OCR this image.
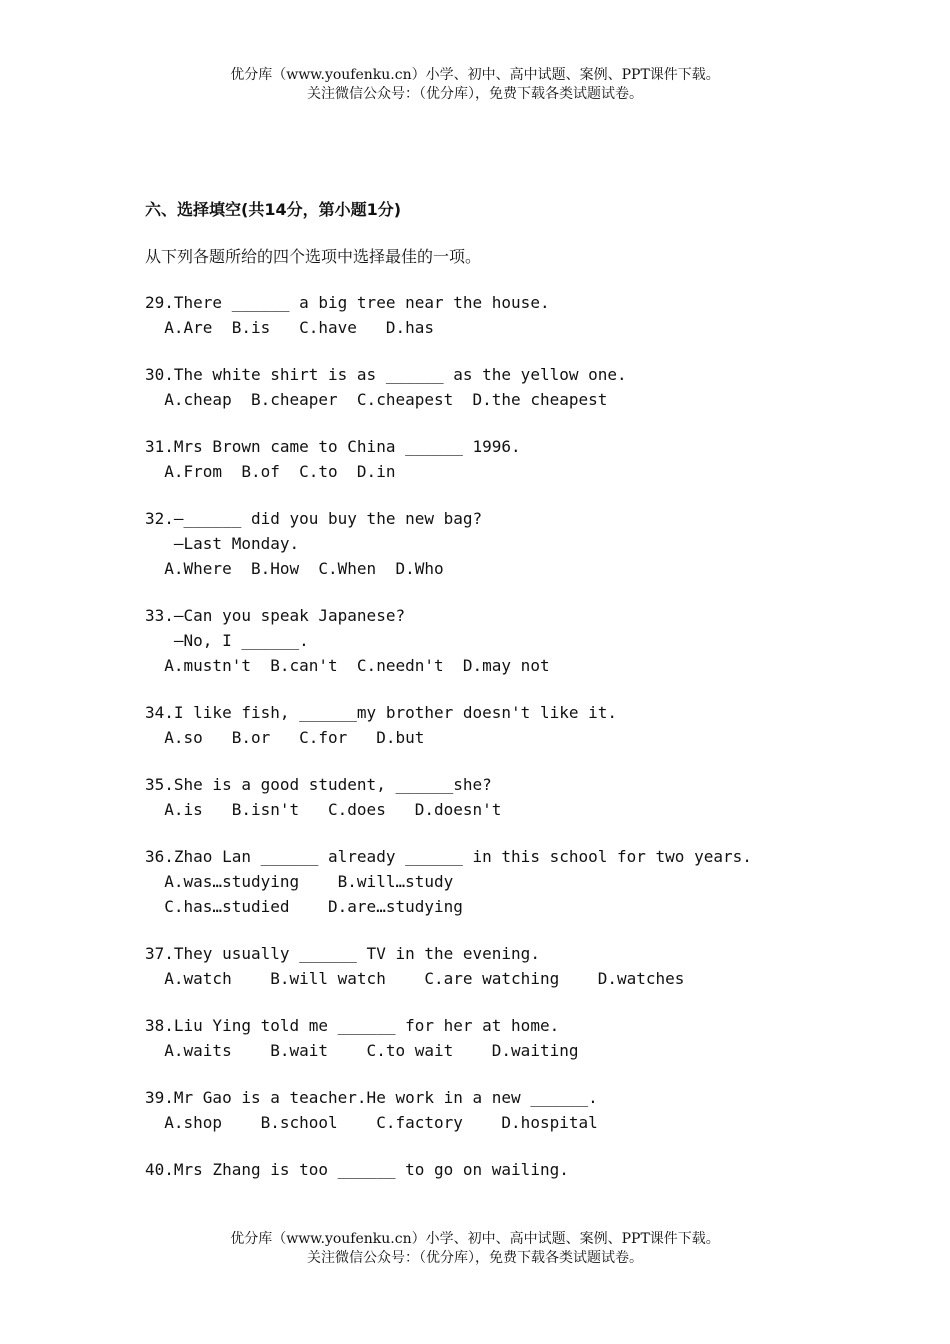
优分库（www.youfenku.cn）小学、初中、高中试题、案例、PPT课件下载。
关注微信公众号：（优分库），免费下载各类试题试卷。
六、选择填空(共14分，第小题1分)
从下列各题所给的四个选项中选择最佳的一项。
29.There ______ a big tree near the house.
A.Are  B.is   C.have   D.has
30.The white shirt is as ______ as the yellow one.
A.cheap  B.cheaper  C.cheapest  D.the cheapest
31.Mrs Brown came to China ______ 1996.
A.From  B.of  C.to  D.in
32.—______ did you buy the new bag?
—Last Monday.
A.Where  B.How  C.When  D.Who
33.—Can you speak Japanese?
—No, I ______.
A.mustn't  B.can't  C.needn't  D.may not
34.I like fish, ______my brother doesn't like it.
A.so   B.or   C.for   D.but
35.She is a good student, ______she?
A.is   B.isn't   C.does   D.doesn't
36.Zhao Lan ______ already ______ in this school for two years.
A.was…studying    B.will…study
C.has…studied    D.are…studying
37.They usually ______ TV in the evening.
A.watch    B.will watch    C.are watching    D.watches
38.Liu Ying told me ______ for her at home.
A.waits    B.wait    C.to wait    D.waiting
39.Mr Gao is a teacher.He work in a new ______.
A.shop    B.school    C.factory    D.hospital
40.Mrs Zhang is too ______ to go on wailing.
优分库（www.youfenku.cn）小学、初中、高中试题、案例、PPT课件下载。
关注微信公众号：（优分库），免费下载各类试题试卷。
